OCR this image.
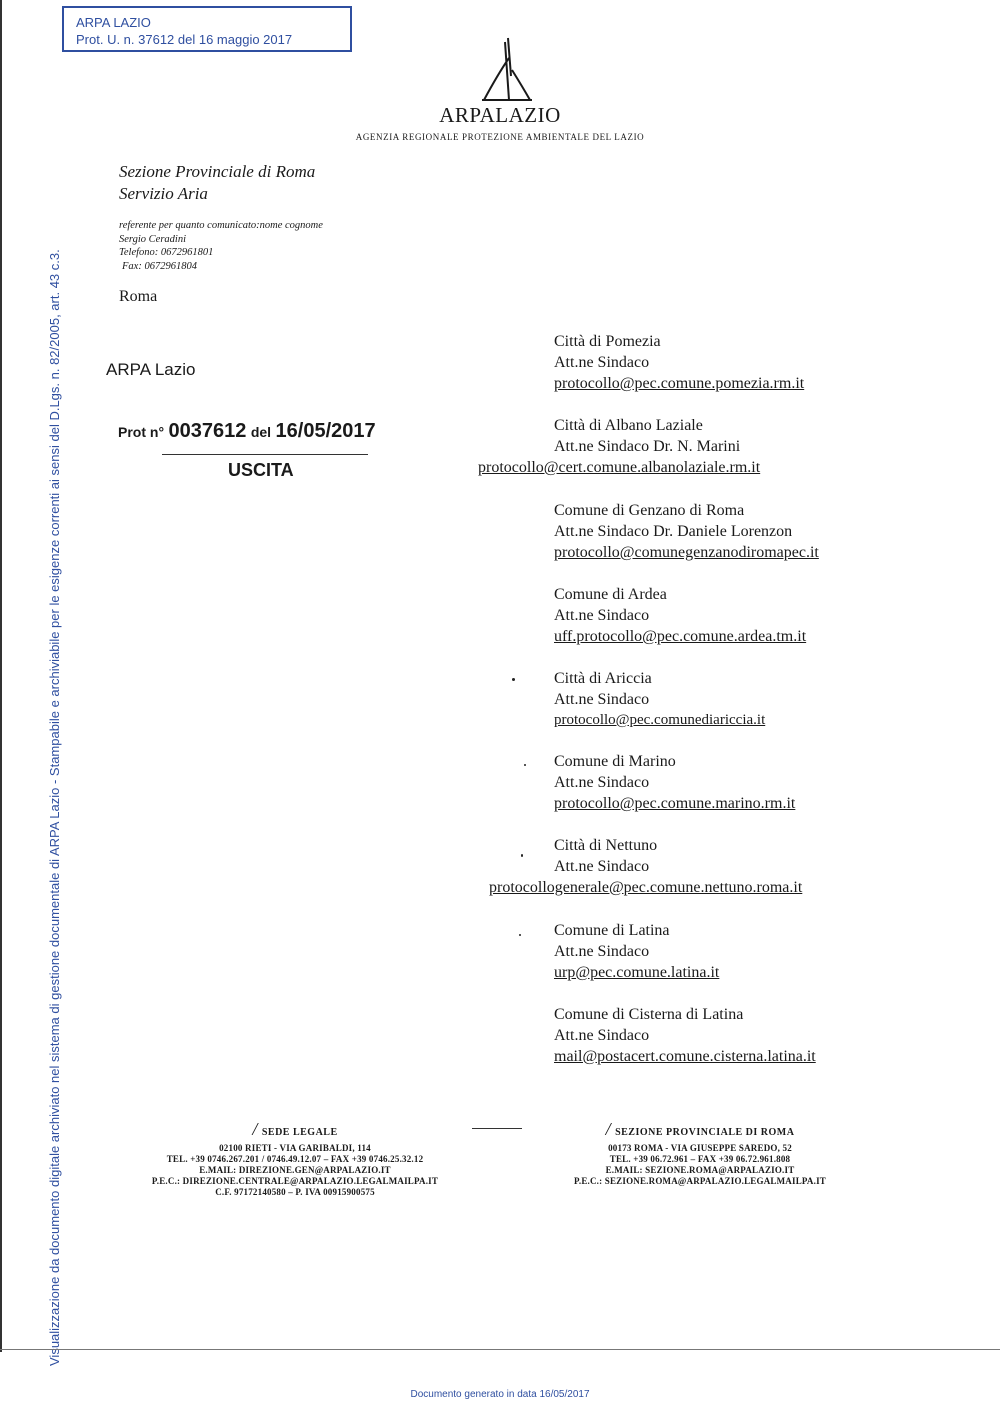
ARPA LAZIO
Prot. U. n. 37612 del 16 maggio 2017
Visualizzazione da documento digitale archiviato nel sistema di gestione documentale di ARPA Lazio - Stampabile e archiviabile per le esigenze correnti ai sensi del D.Lgs. n. 82/2005, art. 43 c.3.
ARPALAZIO
AGENZIA REGIONALE PROTEZIONE AMBIENTALE DEL LAZIO
Sezione Provinciale di Roma
Servizio Aria
referente per quanto comunicato:nome cognome
Sergio Ceradini
Telefono: 0672961801
Fax: 0672961804
Roma
ARPA Lazio
Prot n° 0037612 del 16/05/2017
USCITA
Città di Pomezia
Att.ne Sindaco
protocollo@pec.comune.pomezia.rm.it
Città di Albano Laziale
Att.ne Sindaco Dr. N. Marini
protocollo@cert.comune.albanolaziale.rm.it
Comune di Genzano di Roma
Att.ne Sindaco Dr. Daniele Lorenzon
protocollo@comunegenzanodiromapec.it
Comune di Ardea
Att.ne Sindaco
uff.protocollo@pec.comune.ardea.tm.it
Città di Ariccia
Att.ne Sindaco
protocollo@pec.comunediariccia.it
Comune di Marino
Att.ne Sindaco
protocollo@pec.comune.marino.rm.it
Città di Nettuno
Att.ne Sindaco
protocollogenerale@pec.comune.nettuno.roma.it
Comune di Latina
Att.ne Sindaco
urp@pec.comune.latina.it
Comune di Cisterna di Latina
Att.ne Sindaco
mail@postacert.comune.cisterna.latina.it
/ SEDE LEGALE
02100 RIETI - VIA GARIBALDI, 114
TEL. +39 0746.267.201 / 0746.49.12.07 – FAX +39 0746.25.32.12
E.MAIL: DIREZIONE.GEN@ARPALAZIO.IT
P.E.C.: DIREZIONE.CENTRALE@ARPALAZIO.LEGALMAILPA.IT
C.F. 97172140580 – P. IVA 00915900575
/ SEZIONE PROVINCIALE DI ROMA
00173 ROMA - VIA GIUSEPPE SAREDO, 52
TEL. +39 06.72.961 – FAX +39 06.72.961.808
E.MAIL: SEZIONE.ROMA@ARPALAZIO.IT
P.E.C.: SEZIONE.ROMA@ARPALAZIO.LEGALMAILPA.IT
Documento generato in data 16/05/2017
